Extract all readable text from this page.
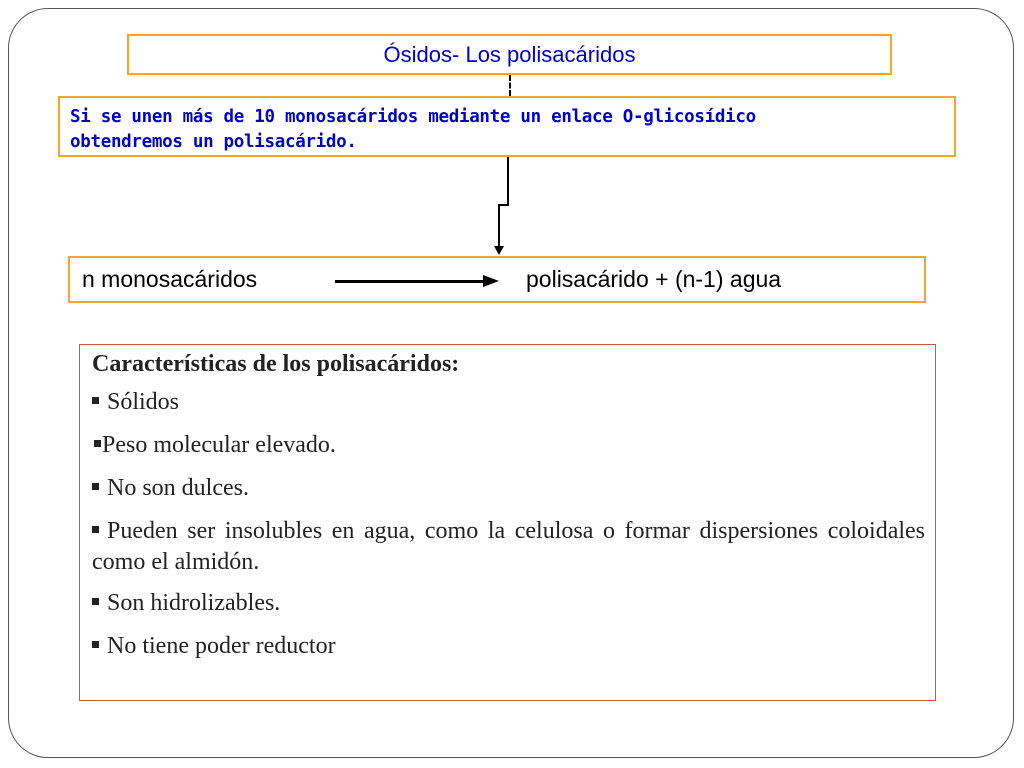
Ósidos- Los polisacáridos
Si se unen más de 10 monosacáridos mediante un enlace O-glicosídico
obtendremos un polisacárido.
n monosacáridos	polisacárido + (n-1) agua
Características de los polisacáridos:
Sólidos
Peso molecular elevado.
No son dulces.
Pueden ser insolubles en agua, como la celulosa o formar dispersiones coloidales como el almidón.
Son hidrolizables.
No tiene poder reductor
